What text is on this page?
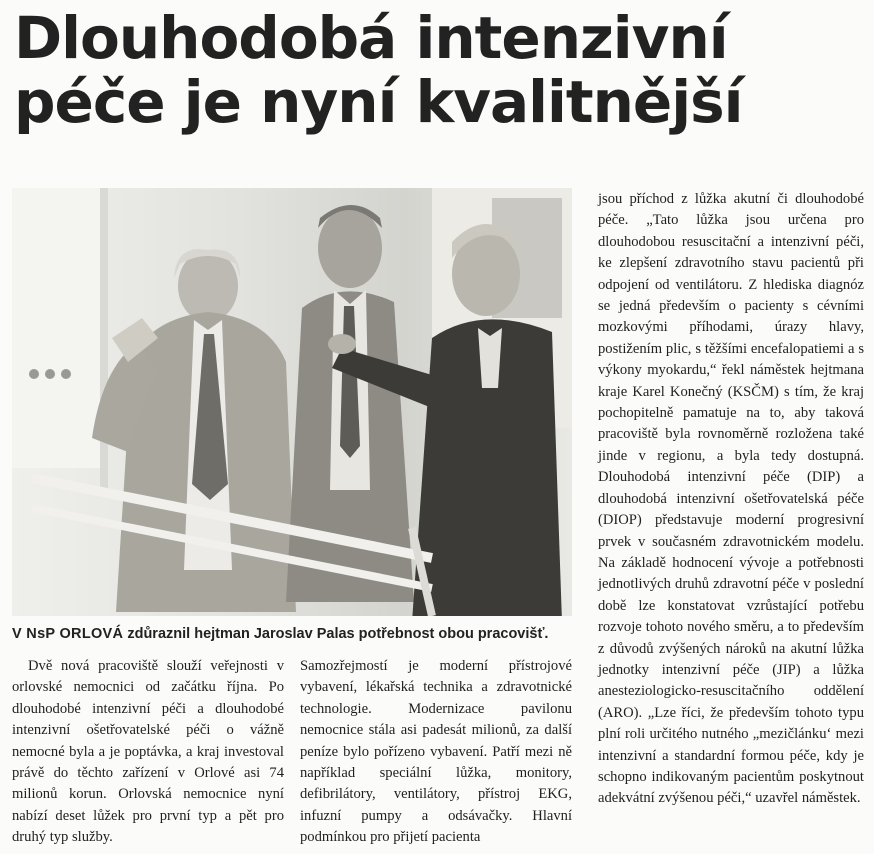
Dlouhodobá intenzivní
péče je nyní kvalitnější

V NsP ORLOVÁ zdůraznil hejtman Jaroslav Palas potřebnost obou pracovišť.

Dvě nová pracoviště slouží veřejnosti v orlovské nemocnici od začátku října. Po dlouhodobé intenzivní péči a dlouhodobé intenzivní ošetřovatelské péči o vážně nemocné byla a je poptávka, a kraj investoval právě do těchto zařízení v Orlové asi 74 milionů korun. Orlovská nemocnice nyní nabízí deset lůžek pro první typ a pět pro druhý typ služby.

Samozřejmostí je moderní přístrojové vybavení, lékařská technika a zdravotnické technologie. Modernizace pavilonu nemocnice stála asi padesát milionů, za další peníze bylo pořízeno vybavení. Patří mezi ně například speciální lůžka, monitory, defibrilátory, ventilátory, přístroj EKG, infuzní pumpy a odsávačky. Hlavní podmínkou pro přijetí pacienta

jsou příchod z lůžka akutní či dlouhodobé péče. „Tato lůžka jsou určena pro dlouhodobou resuscitační a intenzivní péči, ke zlepšení zdravotního stavu pacientů při odpojení od ventilátoru. Z hlediska diagnóz se jedná především o pacienty s cévními mozkovými příhodami, úrazy hlavy, postižením plic, s těžšími encefalopatiemi a s výkony myokardu,“ řekl náměstek hejtmana kraje Karel Konečný (KSČM) s tím, že kraj pochopitelně pamatuje na to, aby taková pracoviště byla rovnoměrně rozložena také jinde v regionu, a byla tedy dostupná. Dlouhodobá intenzivní péče (DIP) a dlouhodobá intenzivní ošetřovatelská péče (DIOP) představuje moderní progresivní prvek v současném zdravotnickém modelu. Na základě hodnocení vývoje a potřebnosti jednotlivých druhů zdravotní péče v poslední době lze konstatovat vzrůstající potřebu rozvoje tohoto nového směru, a to především z důvodů zvýšených nároků na akutní lůžka jednotky intenzivní péče (JIP) a lůžka anesteziologicko-resuscitačního oddělení (ARO). „Lze říci, že především tohoto typu plní roli určitého nutného „mezičlánku‘ mezi intenzivní a standardní formou péče, kdy je schopno indikovaným pacientům poskytnout adekvátní zvýšenou péči,“ uzavřel náměstek.
